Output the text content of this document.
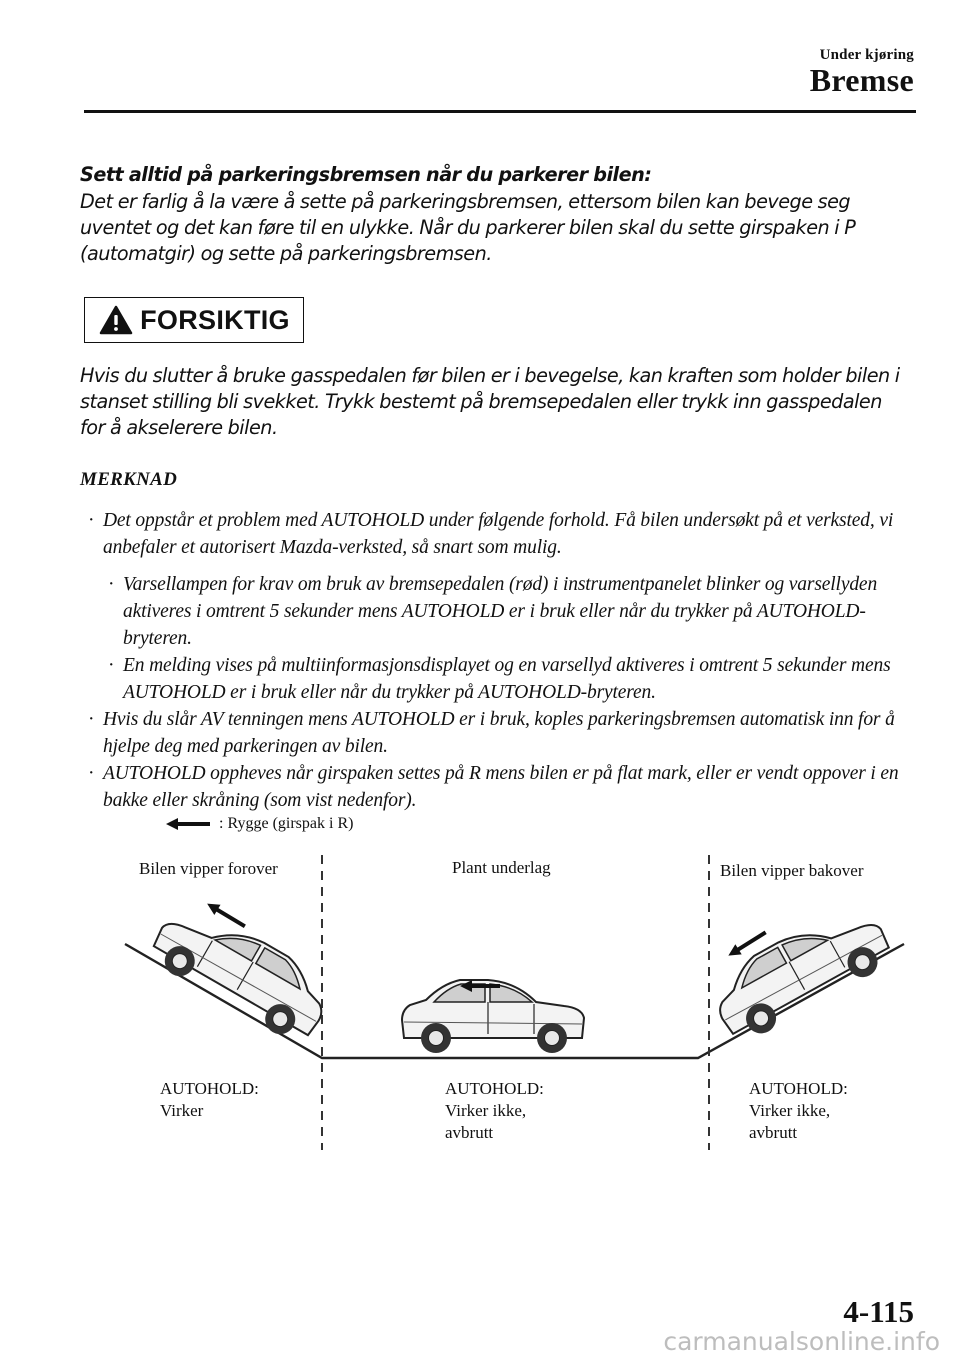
Under kjøring
Bremse
Sett alltid på parkeringsbremsen når du parkerer bilen:
Det er farlig å la være å sette på parkeringsbremsen, ettersom bilen kan bevege seg uventet og det kan føre til en ulykke. Når du parkerer bilen skal du sette girspaken i P (automatgir) og sette på parkeringsbremsen.
FORSIKTIG
Hvis du slutter å bruke gasspedalen før bilen er i bevegelse, kan kraften som holder bilen i stanset stilling bli svekket. Trykk bestemt på bremsepedalen eller trykk inn gasspedalen for å akselerere bilen.
MERKNAD
· Det oppstår et problem med AUTOHOLD under følgende forhold. Få bilen undersøkt på et verksted, vi anbefaler et autorisert Mazda-verksted, så snart som mulig.
· Varsellampen for krav om bruk av bremsepedalen (rød) i instrumentpanelet blinker og varsellyden aktiveres i omtrent 5 sekunder mens AUTOHOLD er i bruk eller når du trykker på AUTOHOLD-bryteren.
· En melding vises på multiinformasjonsdisplayet og en varsellyd aktiveres i omtrent 5 sekunder mens AUTOHOLD er i bruk eller når du trykker på AUTOHOLD-bryteren.
· Hvis du slår AV tenningen mens AUTOHOLD er i bruk, koples parkeringsbremsen automatisk inn for å hjelpe deg med parkeringen av bilen.
· AUTOHOLD oppheves når girspaken settes på R mens bilen er på flat mark, eller er vendt oppover i en bakke eller skråning (som vist nedenfor).
: Rygge (girspak i R)
Bilen vipper forover	Plant underlag	Bilen vipper bakover
AUTOHOLD:
Virker
AUTOHOLD:
Virker ikke,
avbrutt
AUTOHOLD:
Virker ikke,
avbrutt
4-115
carmanualsonline.info
